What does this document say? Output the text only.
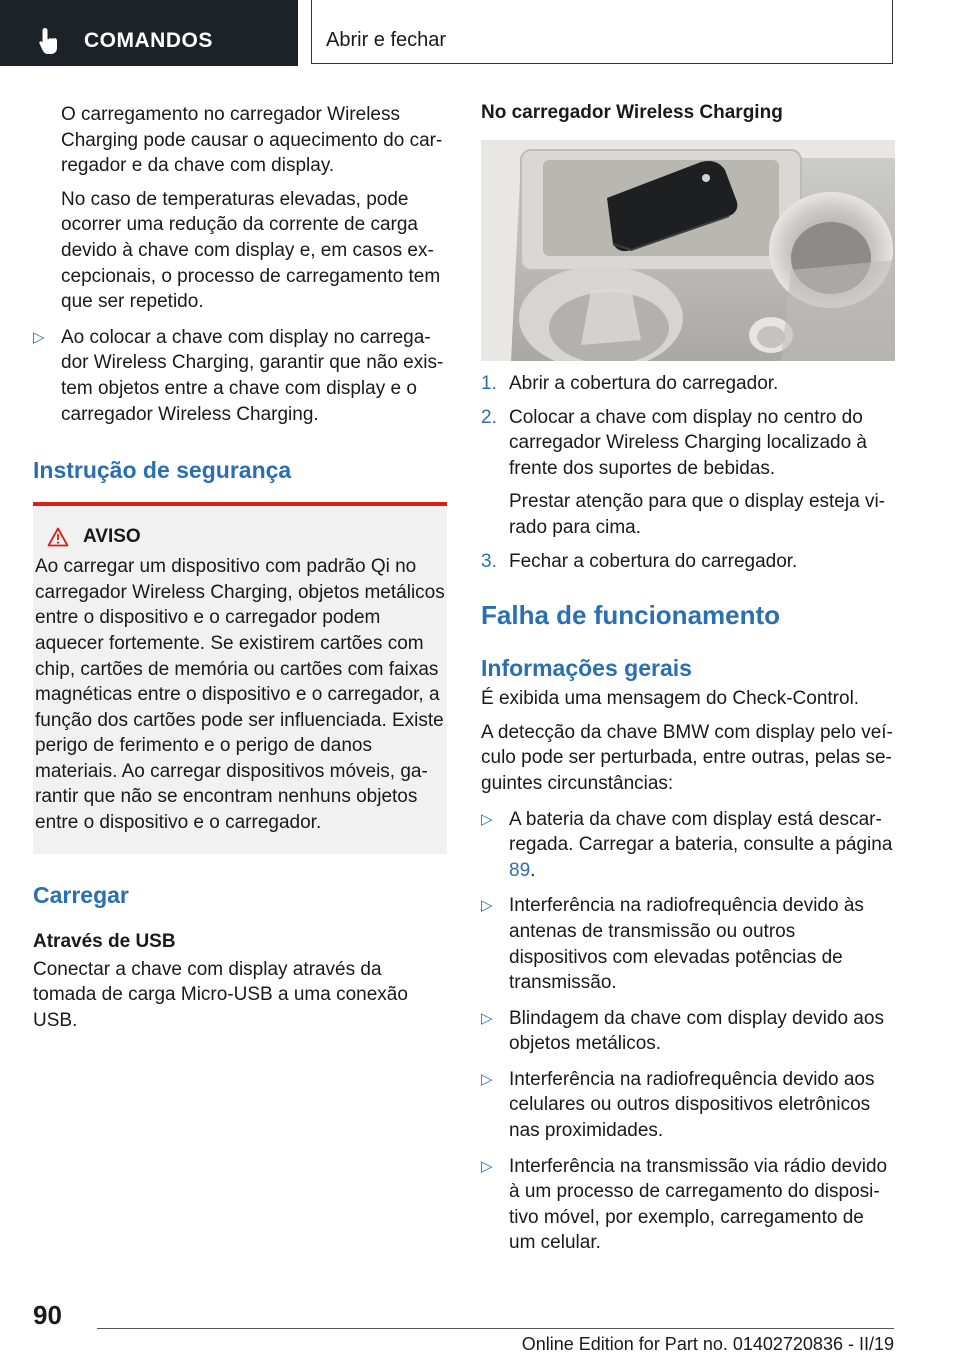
COMANDOS	Abrir e fechar

O carregamento no carregador Wireless Charging pode causar o aquecimento do carregador e da chave com display.

No caso de temperaturas elevadas, pode ocorrer uma redução da corrente de carga devido à chave com display e, em casos excepcionais, o processo de carregamento tem que ser repetido.

▷ Ao colocar a chave com display no carregador Wireless Charging, garantir que não existem objetos entre a chave com display e o carregador Wireless Charging.
Instrução de segurança
AVISO

Ao carregar um dispositivo com padrão Qi no carregador Wireless Charging, objetos metálicos entre o dispositivo e o carregador podem aquecer fortemente. Se existirem cartões com chip, cartões de memória ou cartões com faixas magnéticas entre o dispositivo e o carregador, a função dos cartões pode ser influenciada. Existe perigo de ferimento e o perigo de danos materiais. Ao carregar dispositivos móveis, garantir que não se encontram nenhuns objetos entre o dispositivo e o carregador.

Carregar
Através de USB

Conectar a chave com display através da tomada de carga Micro-USB a uma conexão USB.

No carregador Wireless Charging
1. Abrir a cobertura do carregador.
2. Colocar a chave com display no centro do carregador Wireless Charging localizado à frente dos suportes de bebidas.

Prestar atenção para que o display esteja virado para cima.

3. Fechar a cobertura do carregador.
Falha de funcionamento
Informações gerais

É exibida uma mensagem do Check-Control.

A detecção da chave BMW com display pelo veículo pode ser perturbada, entre outras, pelas seguintes circunstâncias:

▷ A bateria da chave com display está descarregada. Carregar a bateria, consulte a página 89.
▷ Interferência na radiofrequência devido às antenas de transmissão ou outros dispositivos com elevadas potências de transmissão.
▷ Blindagem da chave com display devido aos objetos metálicos.
▷ Interferência na radiofrequência devido aos celulares ou outros dispositivos eletrônicos nas proximidades.
▷ Interferência na transmissão via rádio devido à um processo de carregamento do dispositivo móvel, por exemplo, carregamento de um celular.
90
Online Edition for Part no. 01402720836 - II/19
